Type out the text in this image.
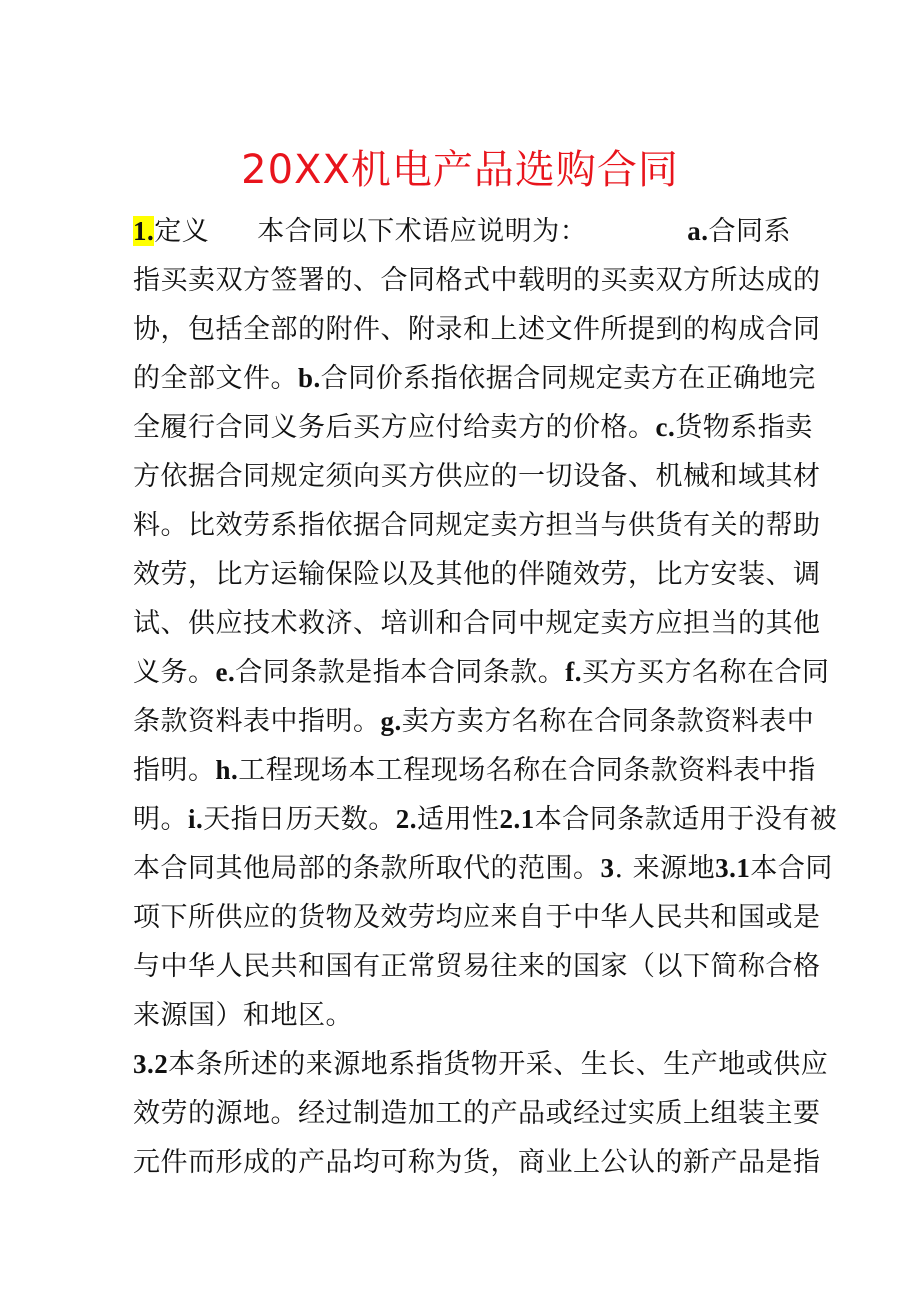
20XX机电产品选购合同
1.定义 本合同以下术语应说明为：	a.合同系
指买卖双方签署的、合同格式中载明的买卖双方所达成的
协，包括全部的附件、附录和上述文件所提到的构成合同
的全部文件。b.合同价系指依据合同规定卖方在正确地完
全履行合同义务后买方应付给卖方的价格。c.货物系指卖
方依据合同规定须向买方供应的一切设备、机械和域其材
料。比效劳系指依据合同规定卖方担当与供货有关的帮助
效劳，比方运输保险以及其他的伴随效劳，比方安装、调
试、供应技术救济、培训和合同中规定卖方应担当的其他
义务。e.合同条款是指本合同条款。f.买方买方名称在合同
条款资料表中指明。g.卖方卖方名称在合同条款资料表中
指明。h.工程现场本工程现场名称在合同条款资料表中指
明。i.天指日历天数。2.适用性2.1本合同条款适用于没有被
本合同其他局部的条款所取代的范围。3. 来源地3.1本合同
项下所供应的货物及效劳均应来自于中华人民共和国或是
与中华人民共和国有正常贸易往来的国家（以下简称合格
来源国）和地区。
3.2本条所述的来源地系指货物开采、生长、生产地或供应
效劳的源地。经过制造加工的产品或经过实质上组装主要
元件而形成的产品均可称为货，商业上公认的新产品是指
